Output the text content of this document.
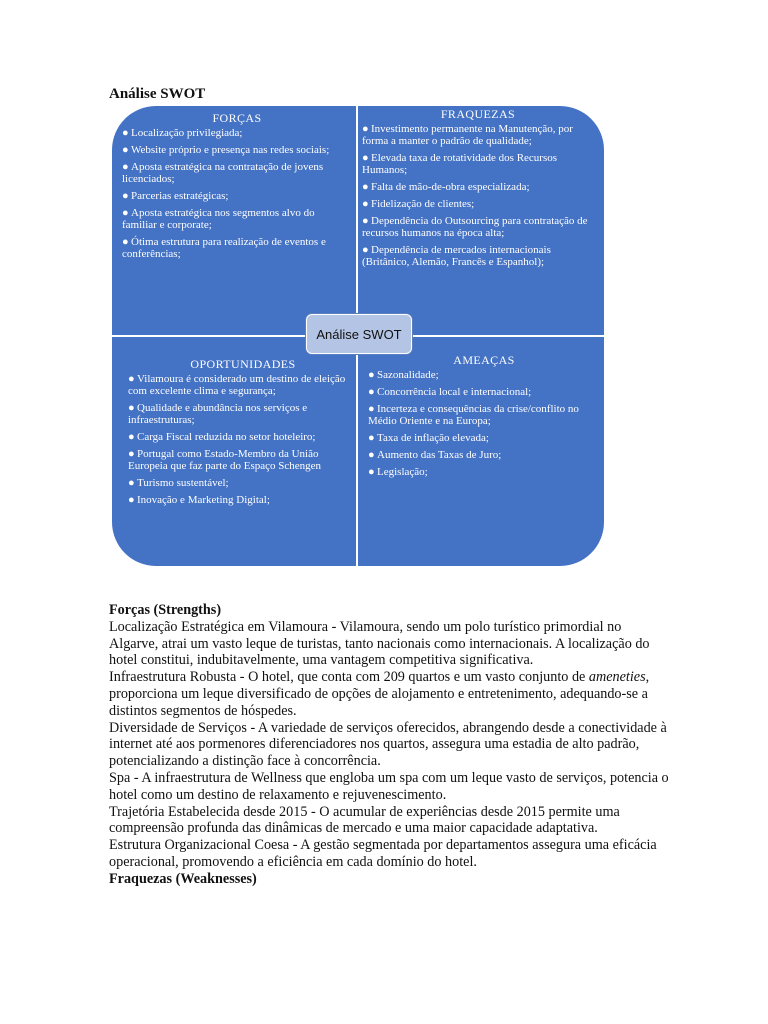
Análise SWOT
FORÇAS
● Localização privilegiada;
● Website próprio e presença nas redes sociais;
● Aposta estratégica na contratação de jovens licenciados;
● Parcerias estratégicas;
● Aposta estratégica nos segmentos alvo do familiar e corporate;
● Ótima estrutura para realização de eventos e conferências;
FRAQUEZAS
● Investimento permanente na Manutenção, por forma a manter o padrão de qualidade;
● Elevada taxa de rotatividade dos Recursos Humanos;
● Falta de mão-de-obra especializada;
● Fidelização de clientes;
● Dependência do Outsourcing para contratação de recursos humanos na época alta;
● Dependência de mercados internacionais (Britânico, Alemão, Francês e Espanhol);
OPORTUNIDADES
● Vilamoura é considerado um destino de eleição com excelente clima e segurança;
● Qualidade e abundância nos serviços e infraestruturas;
● Carga Fiscal reduzida no setor hoteleiro;
● Portugal como Estado-Membro da União Europeia que faz parte do Espaço Schengen
● Turismo sustentável;
● Inovação e Marketing Digital;
AMEAÇAS
● Sazonalidade;
● Concorrência local e internacional;
● Incerteza e consequências da crise/conflito no Médio Oriente e na Europa;
● Taxa de inflação elevada;
● Aumento das Taxas de Juro;
● Legislação;
Análise SWOT

Forças (Strengths)

Localização Estratégica em Vilamoura - Vilamoura, sendo um polo turístico primordial no Algarve, atrai um vasto leque de turistas, tanto nacionais como internacionais. A localização do hotel constitui, indubitavelmente, uma vantagem competitiva significativa.

Infraestrutura Robusta - O hotel, que conta com 209 quartos e um vasto conjunto de ameneties, proporciona um leque diversificado de opções de alojamento e entretenimento, adequando-se a distintos segmentos de hóspedes.

Diversidade de Serviços - A variedade de serviços oferecidos, abrangendo desde a conectividade à internet até aos pormenores diferenciadores nos quartos, assegura uma estadia de alto padrão, potencializando a distinção face à concorrência.

Spa - A infraestrutura de Wellness que engloba um spa com um leque vasto de serviços, potencia o hotel como um destino de relaxamento e rejuvenescimento.

Trajetória Estabelecida desde 2015 - O acumular de experiências desde 2015 permite uma compreensão profunda das dinâmicas de mercado e uma maior capacidade adaptativa.

Estrutura Organizacional Coesa - A gestão segmentada por departamentos assegura uma eficácia operacional, promovendo a eficiência em cada domínio do hotel.

Fraquezas (Weaknesses)
